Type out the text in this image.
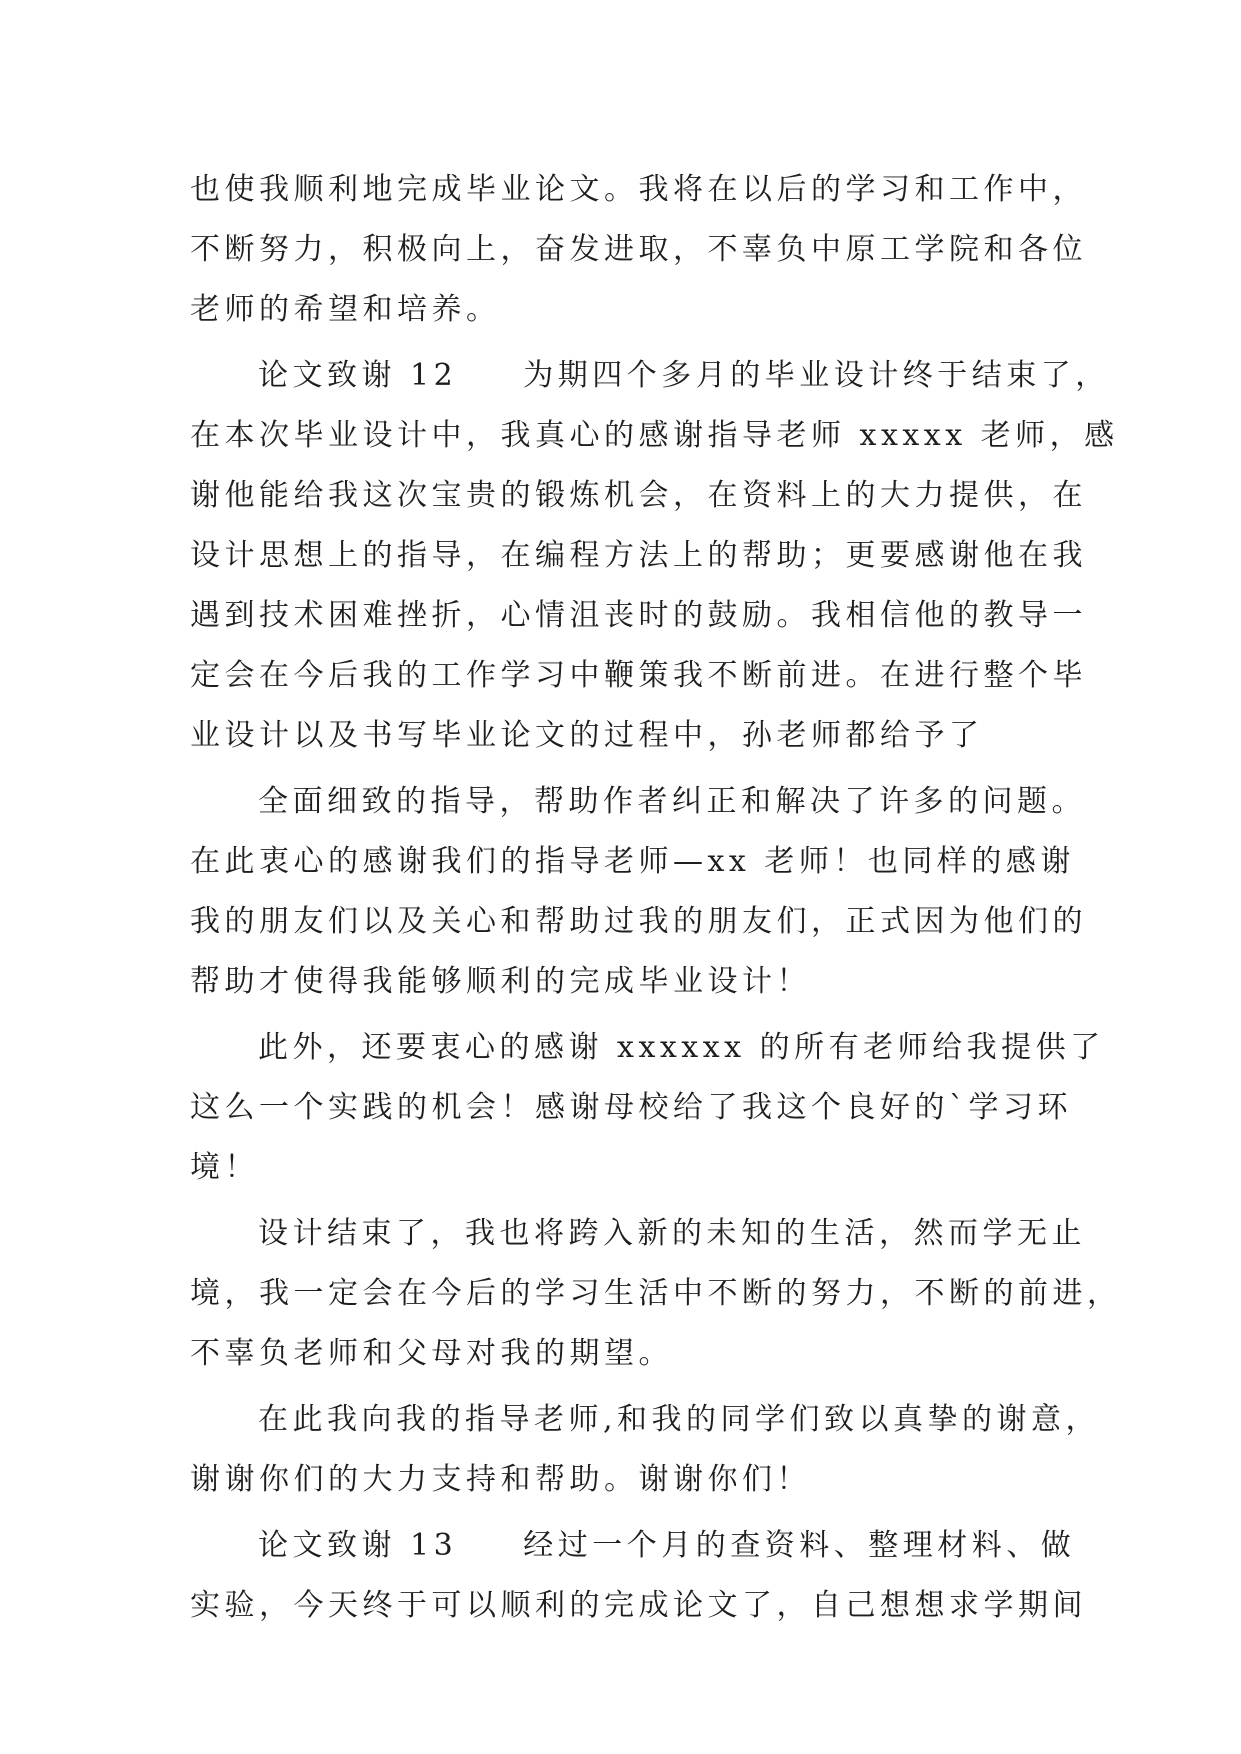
也使我顺利地完成毕业论文。我将在以后的学习和工作中，
不断努力，积极向上，奋发进取，不辜负中原工学院和各位
老师的希望和培养。
论文致谢 12 为期四个多月的毕业设计终于结束了，
在本次毕业设计中，我真心的感谢指导老师 xxxxx 老师，感
谢他能给我这次宝贵的锻炼机会，在资料上的大力提供，在
设计思想上的指导，在编程方法上的帮助；更要感谢他在我
遇到技术困难挫折，心情沮丧时的鼓励。我相信他的教导一
定会在今后我的工作学习中鞭策我不断前进。在进行整个毕
业设计以及书写毕业论文的过程中，孙老师都给予了
全面细致的指导，帮助作者纠正和解决了许多的问题。
在此衷心的感谢我们的指导老师—xx 老师！也同样的感谢
我的朋友们以及关心和帮助过我的朋友们，正式因为他们的
帮助才使得我能够顺利的完成毕业设计！
此外，还要衷心的感谢 xxxxxx 的所有老师给我提供了
这么一个实践的机会！感谢母校给了我这个良好的`学习环
境！
设计结束了，我也将跨入新的未知的生活，然而学无止
境，我一定会在今后的学习生活中不断的努力，不断的前进，
不辜负老师和父母对我的期望。
在此我向我的指导老师,和我的同学们致以真挚的谢意，
谢谢你们的大力支持和帮助。谢谢你们！
论文致谢 13 经过一个月的查资料、整理材料、做
实验，今天终于可以顺利的完成论文了，自己想想求学期间
